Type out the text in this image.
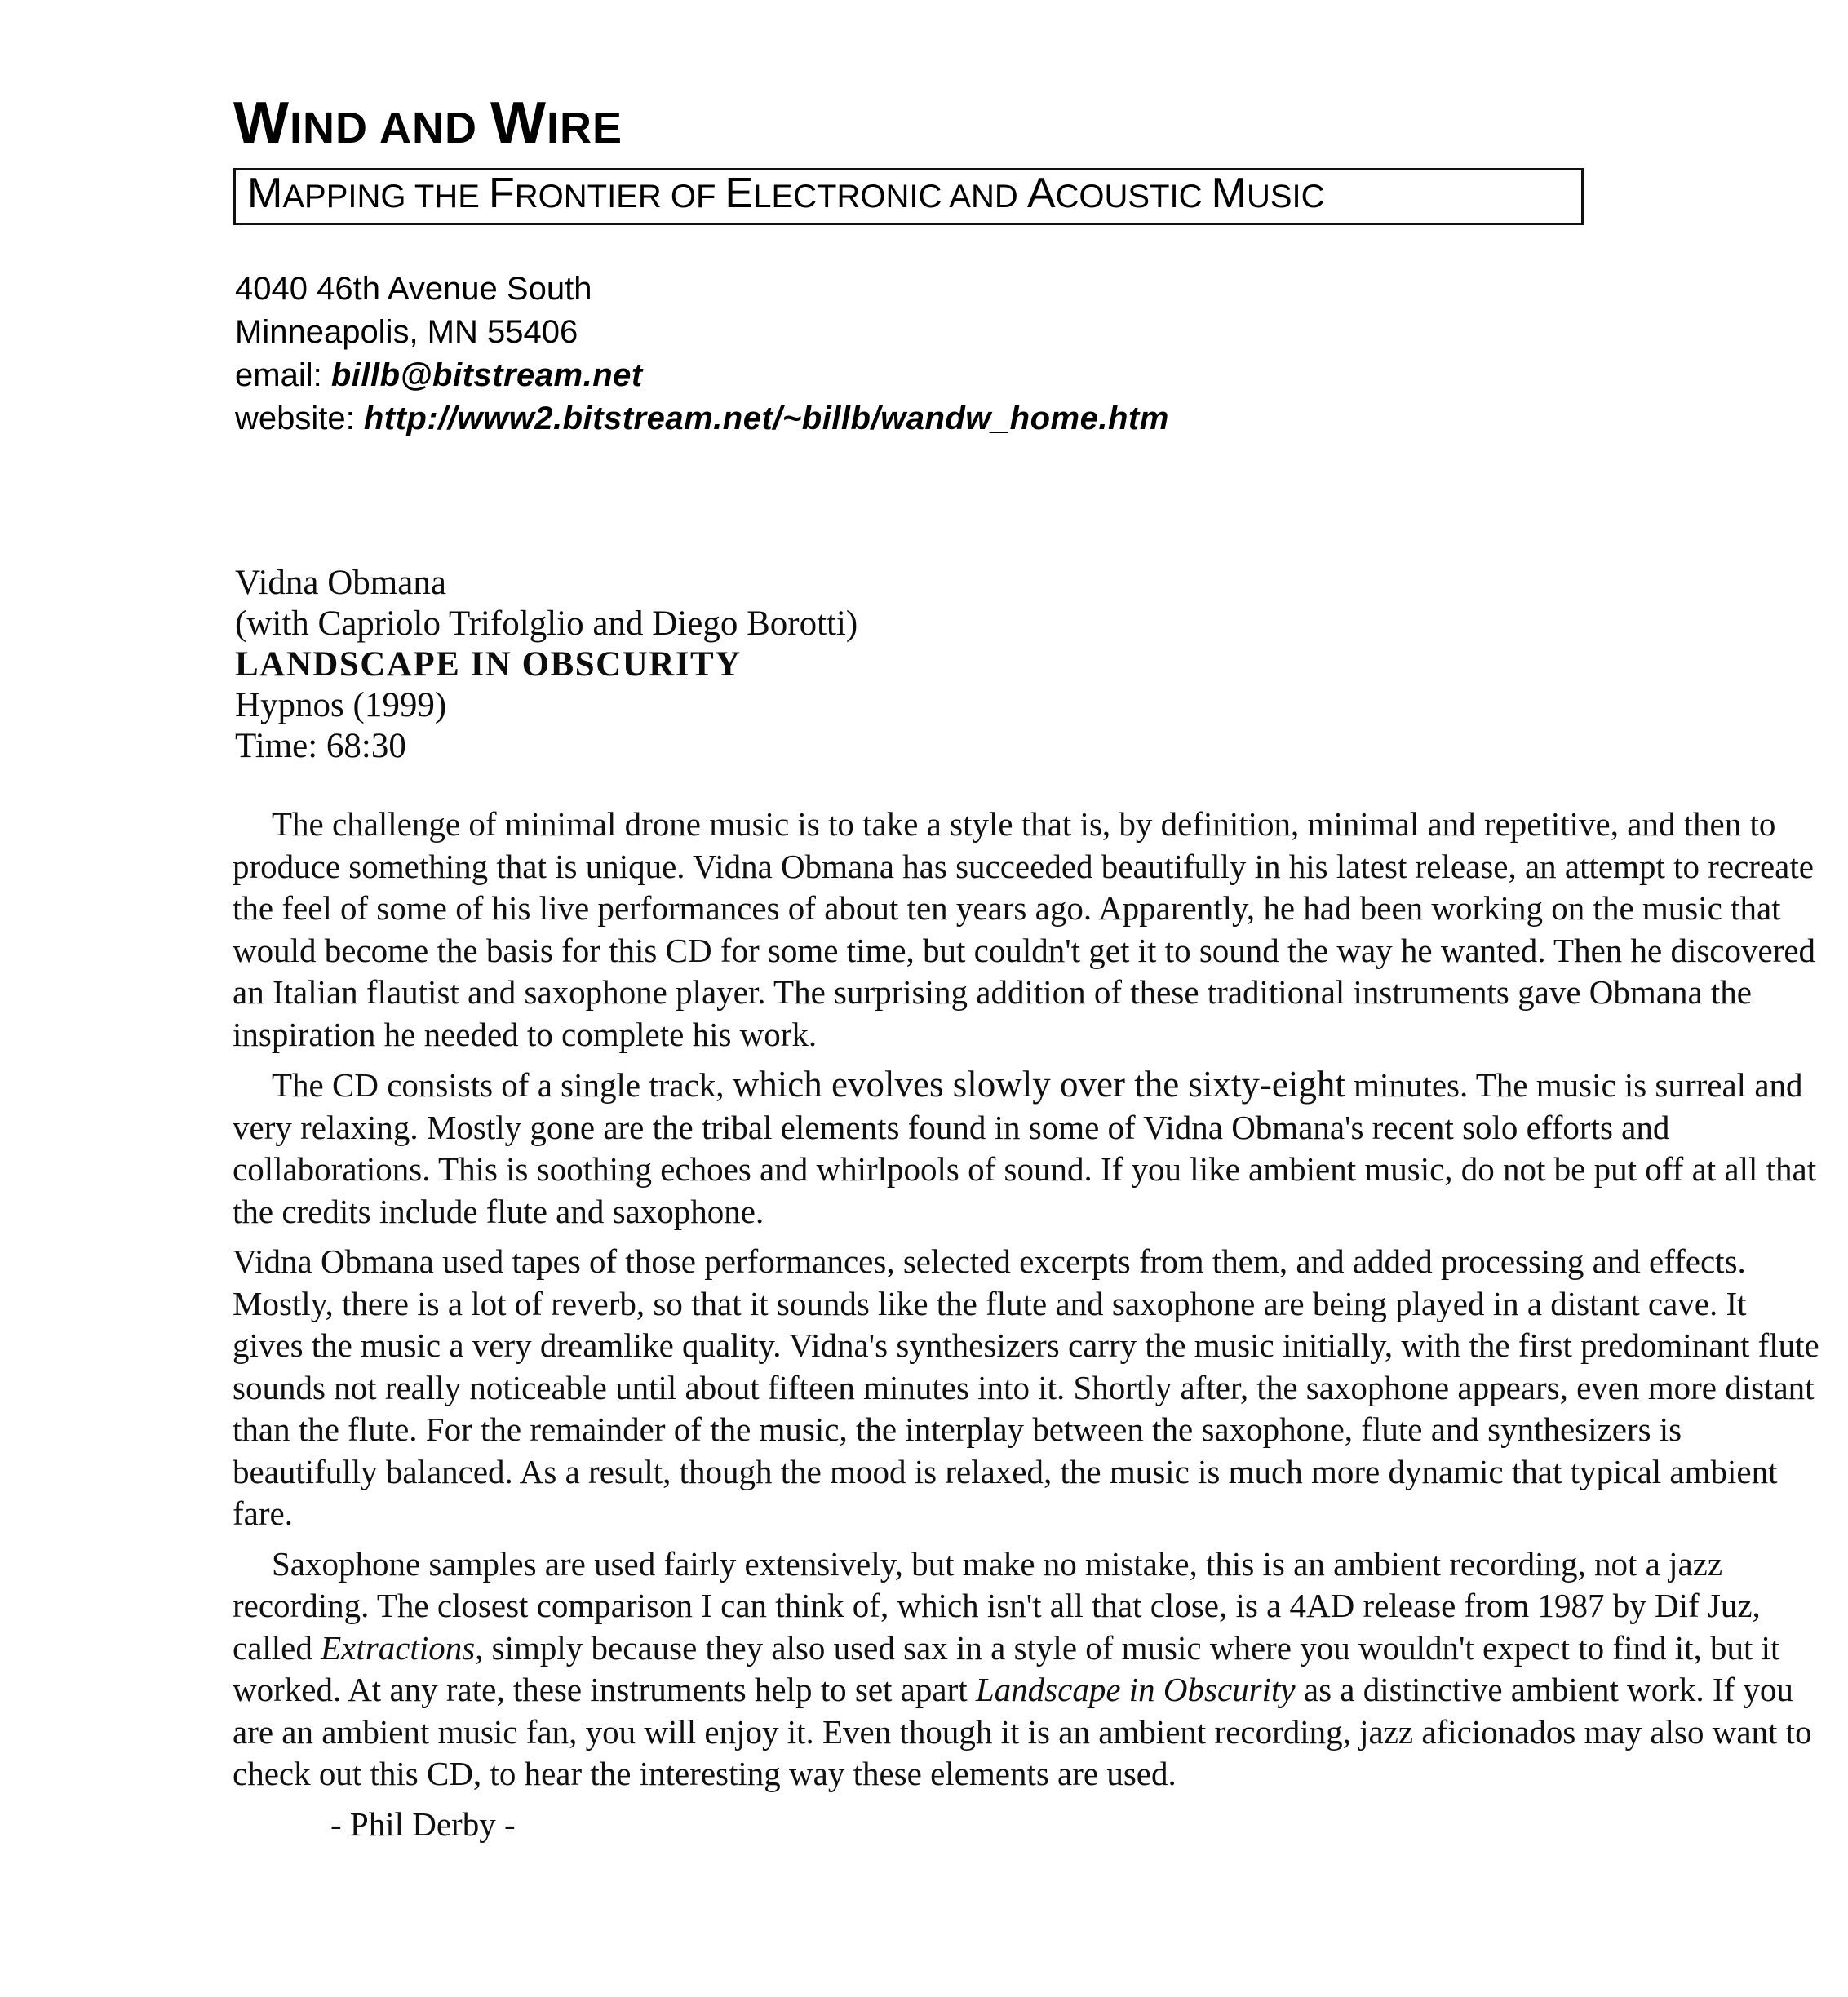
WIND AND WIRE
MAPPING THE FRONTIER OF ELECTRONIC AND ACOUSTIC MUSIC
4040 46th Avenue South
Minneapolis, MN 55406
email: billb@bitstream.net
website: http://www2.bitstream.net/~billb/wandw_home.htm
Vidna Obmana
(with Capriolo Trifolglio and Diego Borotti)
LANDSCAPE IN OBSCURITY
Hypnos (1999)
Time: 68:30

The challenge of minimal drone music is to take a style that is, by definition, minimal and repetitive, and then to produce something that is unique. Vidna Obmana has succeeded beautifully in his latest release, an attempt to recreate the feel of some of his live performances of about ten years ago. Apparently, he had been working on the music that would become the basis for this CD for some time, but couldn't get it to sound the way he wanted. Then he discovered an Italian flautist and saxophone player. The surprising addition of these traditional instruments gave Obmana the inspiration he needed to complete his work.

The CD consists of a single track, which evolves slowly over the sixty-eight minutes. The music is surreal and very relaxing. Mostly gone are the tribal elements found in some of Vidna Obmana's recent solo efforts and collaborations. This is soothing echoes and whirlpools of sound. If you like ambient music, do not be put off at all that the credits include flute and saxophone.

Vidna Obmana used tapes of those performances, selected excerpts from them, and added processing and effects. Mostly, there is a lot of reverb, so that it sounds like the flute and saxophone are being played in a distant cave. It gives the music a very dreamlike quality. Vidna's synthesizers carry the music initially, with the first predominant flute sounds not really noticeable until about fifteen minutes into it. Shortly after, the saxophone appears, even more distant than the flute. For the remainder of the music, the interplay between the saxophone, flute and synthesizers is beautifully balanced. As a result, though the mood is relaxed, the music is much more dynamic that typical ambient fare.

Saxophone samples are used fairly extensively, but make no mistake, this is an ambient recording, not a jazz recording. The closest comparison I can think of, which isn't all that close, is a 4AD release from 1987 by Dif Juz, called Extractions, simply because they also used sax in a style of music where you wouldn't expect to find it, but it worked. At any rate, these instruments help to set apart Landscape in Obscurity as a distinctive ambient work. If you are an ambient music fan, you will enjoy it. Even though it is an ambient recording, jazz aficionados may also want to check out this CD, to hear the interesting way these elements are used.

- Phil Derby -
